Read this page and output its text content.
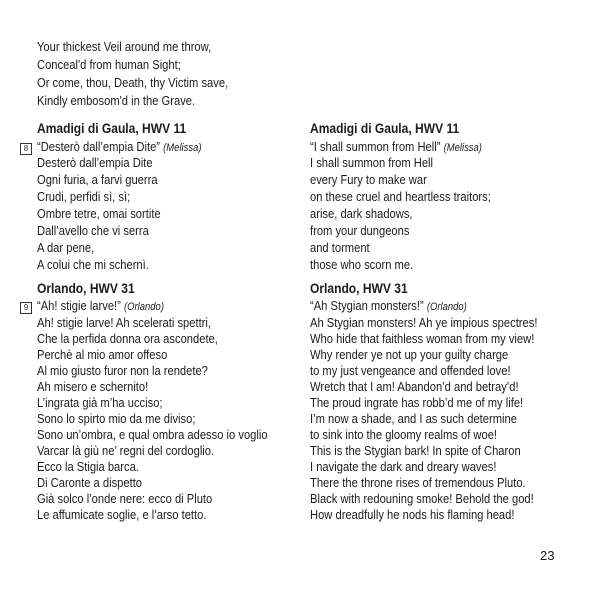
Your thickest Veil around me throw,
Conceal'd from human Sight;
Or come, thou, Death, thy Victim save,
Kindly embosom'd in the Grave.
Amadigi di Gaula, HWV 11
8 “Desterò dall’empia Dite” (Melissa)
Desterò dall’empia Dite
Ogni furia, a farvi guerra
Crudi, perfidi sì, sì;
Ombre tetre, omai sortite
Dall’avello che vi serra
A dar pene,
A colui che mi schernì.
Orlando, HWV 31
9 “Ah! stigie larve!” (Orlando)
Ah! stigie larve! Ah scelerati spettri,
Che la perfida donna ora ascondete,
Perchè al mio amor offeso
Al mio giusto furor non la rendete?
Ah misero e schernito!
L’ingrata già m’ha ucciso;
Sono lo spirto mio da me diviso;
Sono un’ombra, e qual ombra adesso io voglio
Varcar là giù ne’ regni del cordoglio.
Ecco la Stigia barca.
Di Caronte a dispetto
Già solco l’onde nere: ecco di Pluto
Le affumicate soglie, e l’arso tetto.
Amadigi di Gaula, HWV 11
“I shall summon from Hell” (Melissa)
I shall summon from Hell
every Fury to make war
on these cruel and heartless traitors;
arise, dark shadows,
from your dungeons
and torment
those who scorn me.
Orlando, HWV 31
“Ah Stygian monsters!” (Orlando)
Ah Stygian monsters! Ah ye impious spectres!
Who hide that faithless woman from my view!
Why render ye not up your guilty charge
to my just vengeance and offended love!
Wretch that I am! Abandon’d and betray’d!
The proud ingrate has robb’d me of my life!
I’m now a shade, and I as such determine
to sink into the gloomy realms of woe!
This is the Stygian bark! In spite of Charon
I navigate the dark and dreary waves!
There the throne rises of tremendous Pluto.
Black with redouning smoke! Behold the god!
How dreadfully he nods his flaming head!
23
